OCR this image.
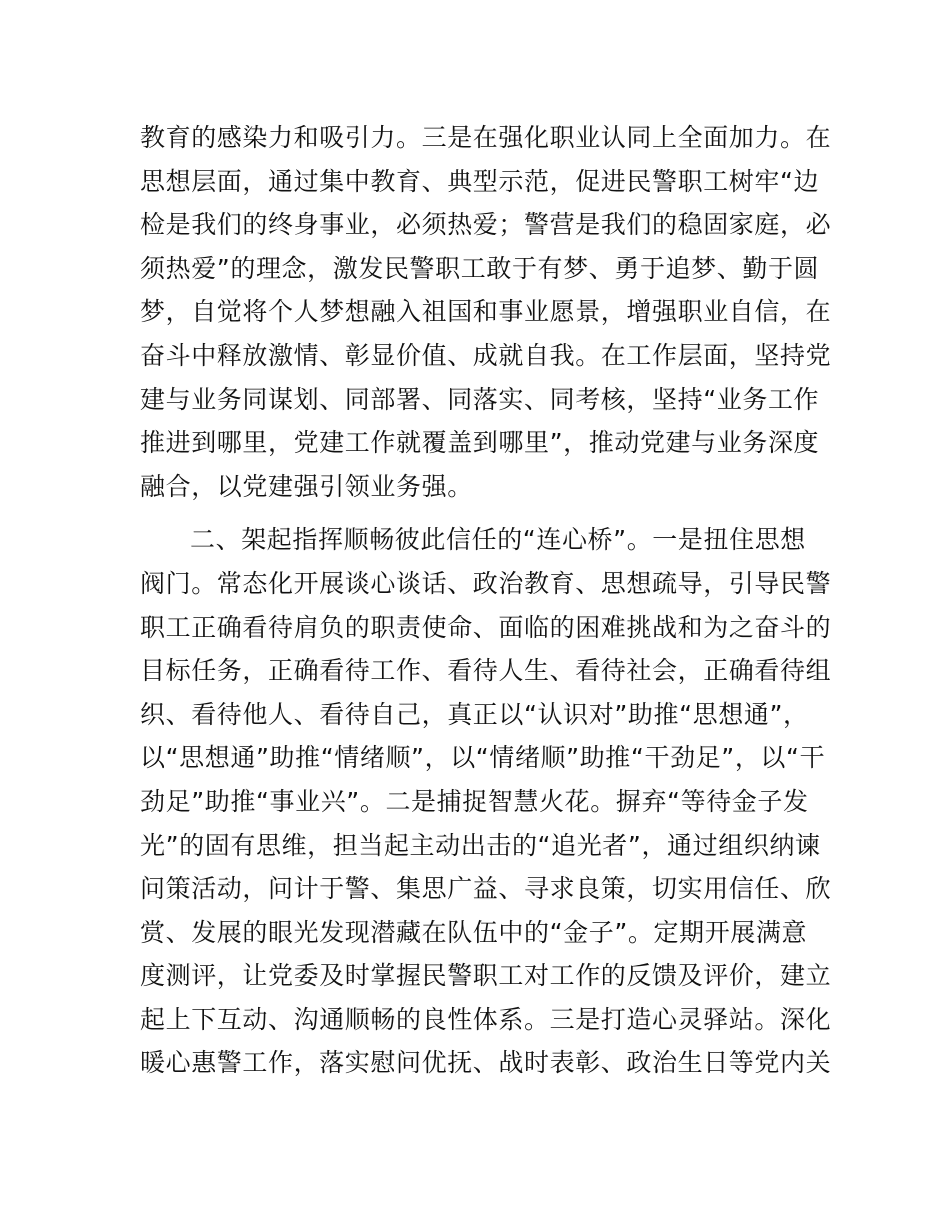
教育的感染力和吸引力。三是在强化职业认同上全面加力。在
思想层面，通过集中教育、典型示范，促进民警职工树牢“边
检是我们的终身事业，必须热爱；警营是我们的稳固家庭，必
须热爱”的理念，激发民警职工敢于有梦、勇于追梦、勤于圆
梦，自觉将个人梦想融入祖国和事业愿景，增强职业自信，在
奋斗中释放激情、彰显价值、成就自我。在工作层面，坚持党
建与业务同谋划、同部署、同落实、同考核，坚持“业务工作
推进到哪里，党建工作就覆盖到哪里”，推动党建与业务深度
融合，以党建强引领业务强。

二、架起指挥顺畅彼此信任的“连心桥”。一是扭住思想
阀门。常态化开展谈心谈话、政治教育、思想疏导，引导民警
职工正确看待肩负的职责使命、面临的困难挑战和为之奋斗的
目标任务，正确看待工作、看待人生、看待社会，正确看待组
织、看待他人、看待自己，真正以“认识对”助推“思想通”，
以“思想通”助推“情绪顺”，以“情绪顺”助推“干劲足”，以“干
劲足”助推“事业兴”。二是捕捉智慧火花。摒弃“等待金子发
光”的固有思维，担当起主动出击的“追光者”，通过组织纳谏
问策活动，问计于警、集思广益、寻求良策，切实用信任、欣
赏、发展的眼光发现潜藏在队伍中的“金子”。定期开展满意
度测评，让党委及时掌握民警职工对工作的反馈及评价，建立
起上下互动、沟通顺畅的良性体系。三是打造心灵驿站。深化
暖心惠警工作，落实慰问优抚、战时表彰、政治生日等党内关
